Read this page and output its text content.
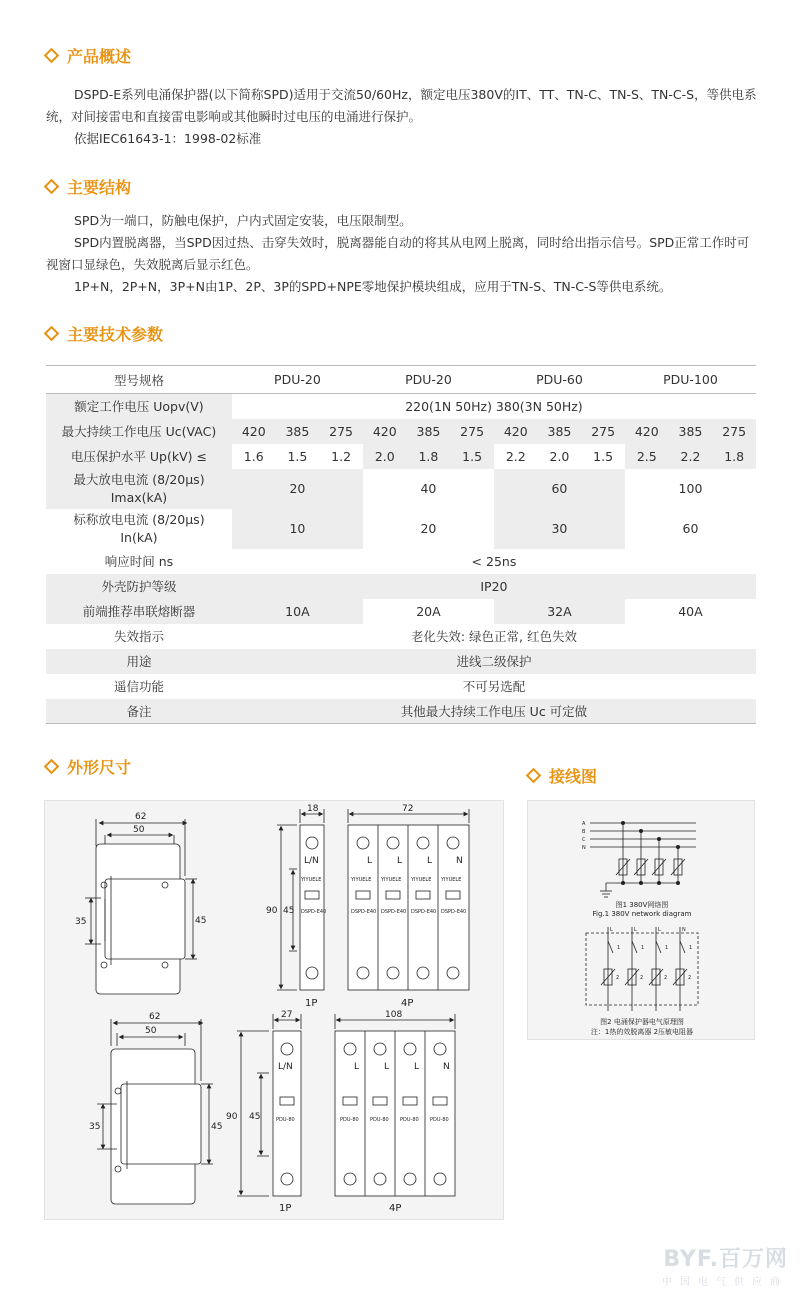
产品概述

DSPD-E系列电涌保护器(以下简称SPD)适用于交流50/60Hz，额定电压380V的IT、TT、TN-C、TN-S、TN-C-S，等供电系统，对间接雷电和直接雷电影响或其他瞬时过电压的电涌进行保护。

依据IEC61643-1：1998-02标准

主要结构

SPD为一端口，防触电保护，户内式固定安装，电压限制型。

SPD内置脱离器，当SPD因过热、击穿失效时，脱离器能自动的将其从电网上脱离，同时给出指示信号。SPD正常工作时可视窗口显绿色，失效脱离后显示红色。

1P+N，2P+N，3P+N由1P、2P、3P的SPD+NPE零地保护模块组成，应用于TN-S、TN-C-S等供电系统。

主要技术参数
型号规格	PDU-20			PDU-20			PDU-60			PDU-100		
额定工作电压 Uopv(V)	220(1N 50Hz) 380(3N 50Hz)											
最大持续工作电压 Uc(VAC)	420	385	275	420	385	275	420	385	275	420	385	275
电压保护水平 Up(kV) ≤	1.6	1.5	1.2	2.0	1.8	1.5	2.2	2.0	1.5	2.5	2.2	1.8
最大放电电流 (8/20μs)
Imax(kA)	20			40			60			100		
标称放电电流 (8/20μs)
In(kA)	10			20			30			60		
响应时间 ns	< 25ns											
外壳防护等级	IP20											
前端推荐串联熔断器	10A			20A			32A			40A		
失效指示	老化失效: 绿色正常, 红色失效											
用途	进线二级保护											
遥信功能	不可另选配											
备注	其他最大持续工作电压 Uc 可定做											
外形尺寸	接线图
62
50
35	45
62
50
35	45
18
90 45
72
1P	4P
L/N	L	L	L	N
27
90 45
108
1P	4P
L/N	L	L	L	N
YIYUELE	YIYUELE YIYUELE YIYUELE YIYUELE
DSPD-E40	DSPD-E40 DSPD-E40 DSPD-E40 DSPD-E40
PDU-80	PDU-80 PDU-80 PDU-80 PDU-80
A
B
C
N
图1 380V网络图
Fig.1 380V network diagram
L	L	L	N
1	1	1	1
2	2	2	2
图2 电涌保护器电气原理图
注：1热的效脱离器 2压敏电阻器
BYF.百万网
中国电气供应商
